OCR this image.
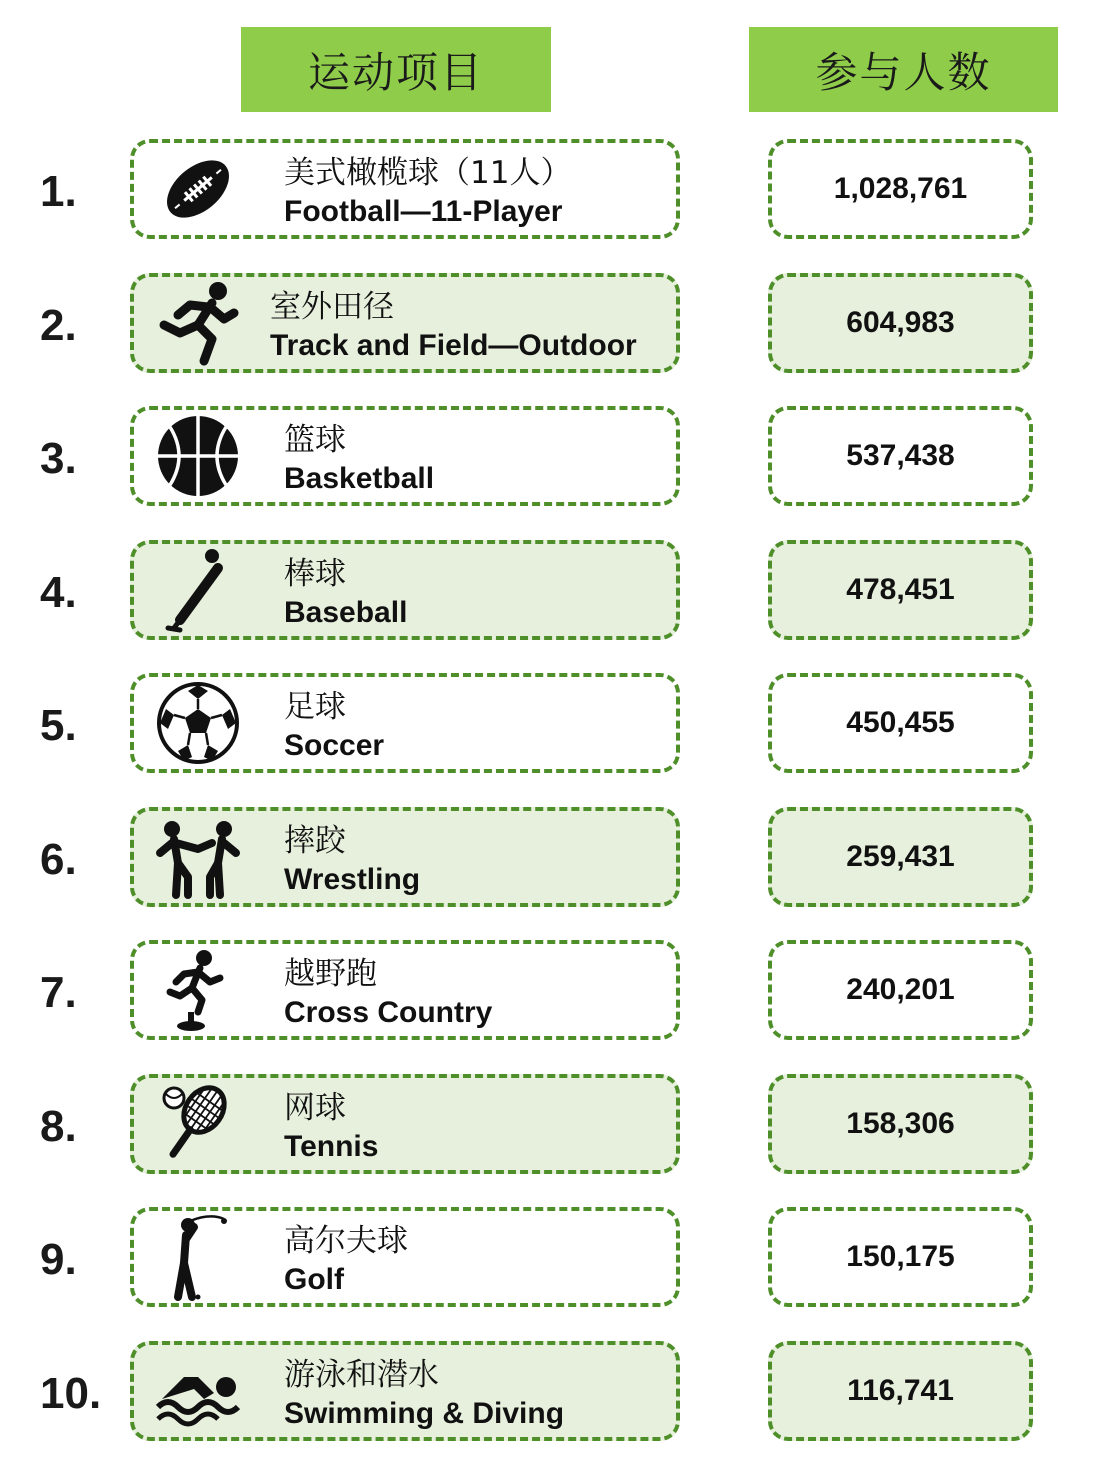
运动项目	参与人数
1.	美式橄榄球（11人）
Football—11-Player
1,028,761
2.	室外田径
Track and Field—Outdoor
604,983
3.	篮球
Basketball
537,438
4.	棒球
Baseball
478,451
5.	足球
Soccer
450,455
6.	摔跤
Wrestling
259,431
7.	越野跑
Cross Country
240,201
8.	网球
Tennis
158,306
9.	高尔夫球
Golf
150,175
10.	游泳和潜水
Swimming & Diving
116,741
